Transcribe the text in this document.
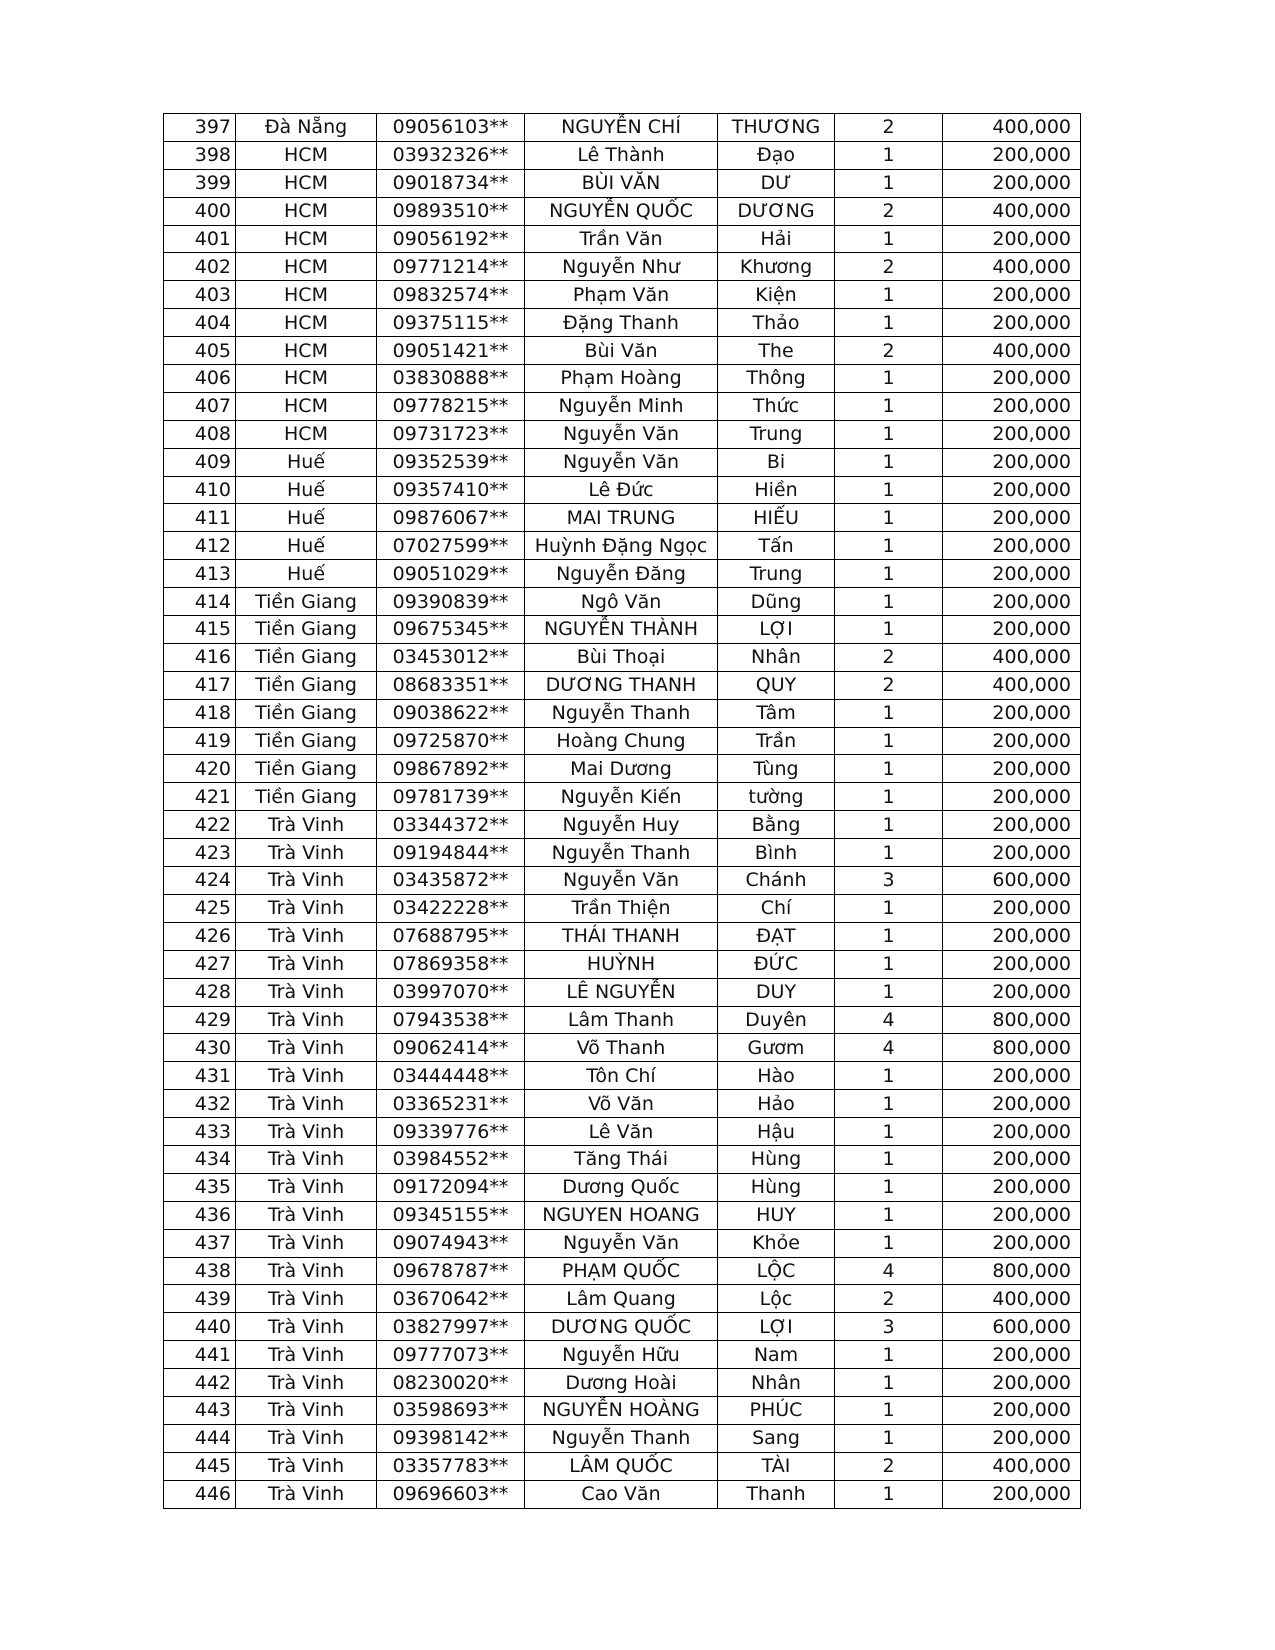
397	Đà Nẵng	09056103**	NGUYỄN CHÍ	THƯƠNG	2	400,000
398	HCM	03932326**	Lê Thành	Đạo	1	200,000
399	HCM	09018734**	BÙI VĂN	DƯ	1	200,000
400	HCM	09893510**	NGUYỄN QUỐC	DƯƠNG	2	400,000
401	HCM	09056192**	Trần Văn	Hải	1	200,000
402	HCM	09771214**	Nguyễn Như	Khương	2	400,000
403	HCM	09832574**	Phạm Văn	Kiện	1	200,000
404	HCM	09375115**	Đặng Thanh	Thảo	1	200,000
405	HCM	09051421**	Bùi Văn	The	2	400,000
406	HCM	03830888**	Phạm Hoàng	Thông	1	200,000
407	HCM	09778215**	Nguyễn Minh	Thức	1	200,000
408	HCM	09731723**	Nguyễn Văn	Trung	1	200,000
409	Huế	09352539**	Nguyễn Văn	Bi	1	200,000
410	Huế	09357410**	Lê Đức	Hiền	1	200,000
411	Huế	09876067**	MAI TRUNG	HIẾU	1	200,000
412	Huế	07027599**	Huỳnh Đặng Ngọc	Tấn	1	200,000
413	Huế	09051029**	Nguyễn Đăng	Trung	1	200,000
414	Tiền Giang	09390839**	Ngô Văn	Dũng	1	200,000
415	Tiền Giang	09675345**	NGUYỄN THÀNH	LỢI	1	200,000
416	Tiền Giang	03453012**	Bùi Thoại	Nhân	2	400,000
417	Tiền Giang	08683351**	DƯƠNG THANH	QUY	2	400,000
418	Tiền Giang	09038622**	Nguyễn Thanh	Tâm	1	200,000
419	Tiền Giang	09725870**	Hoàng Chung	Trần	1	200,000
420	Tiền Giang	09867892**	Mai Dương	Tùng	1	200,000
421	Tiền Giang	09781739**	Nguyễn Kiến	tường	1	200,000
422	Trà Vinh	03344372**	Nguyễn Huy	Bằng	1	200,000
423	Trà Vinh	09194844**	Nguyễn Thanh	Bình	1	200,000
424	Trà Vinh	03435872**	Nguyễn Văn	Chánh	3	600,000
425	Trà Vinh	03422228**	Trần Thiện	Chí	1	200,000
426	Trà Vinh	07688795**	THÁI THANH	ĐẠT	1	200,000
427	Trà Vinh	07869358**	HUỲNH	ĐỨC	1	200,000
428	Trà Vinh	03997070**	LÊ NGUYỄN	DUY	1	200,000
429	Trà Vinh	07943538**	Lâm Thanh	Duyên	4	800,000
430	Trà Vinh	09062414**	Võ Thanh	Gươm	4	800,000
431	Trà Vinh	03444448**	Tôn Chí	Hào	1	200,000
432	Trà Vinh	03365231**	Võ Văn	Hảo	1	200,000
433	Trà Vinh	09339776**	Lê Văn	Hậu	1	200,000
434	Trà Vinh	03984552**	Tăng Thái	Hùng	1	200,000
435	Trà Vinh	09172094**	Dương Quốc	Hùng	1	200,000
436	Trà Vinh	09345155**	NGUYEN HOANG	HUY	1	200,000
437	Trà Vinh	09074943**	Nguyễn Văn	Khỏe	1	200,000
438	Trà Vinh	09678787**	PHẠM QUỐC	LỘC	4	800,000
439	Trà Vinh	03670642**	Lâm Quang	Lộc	2	400,000
440	Trà Vinh	03827997**	DƯƠNG QUỐC	LỢI	3	600,000
441	Trà Vinh	09777073**	Nguyễn Hữu	Nam	1	200,000
442	Trà Vinh	08230020**	Dương Hoài	Nhân	1	200,000
443	Trà Vinh	03598693**	NGUYỄN HOÀNG	PHÚC	1	200,000
444	Trà Vinh	09398142**	Nguyễn Thanh	Sang	1	200,000
445	Trà Vinh	03357783**	LÂM QUỐC	TÀI	2	400,000
446	Trà Vinh	09696603**	Cao Văn	Thanh	1	200,000
